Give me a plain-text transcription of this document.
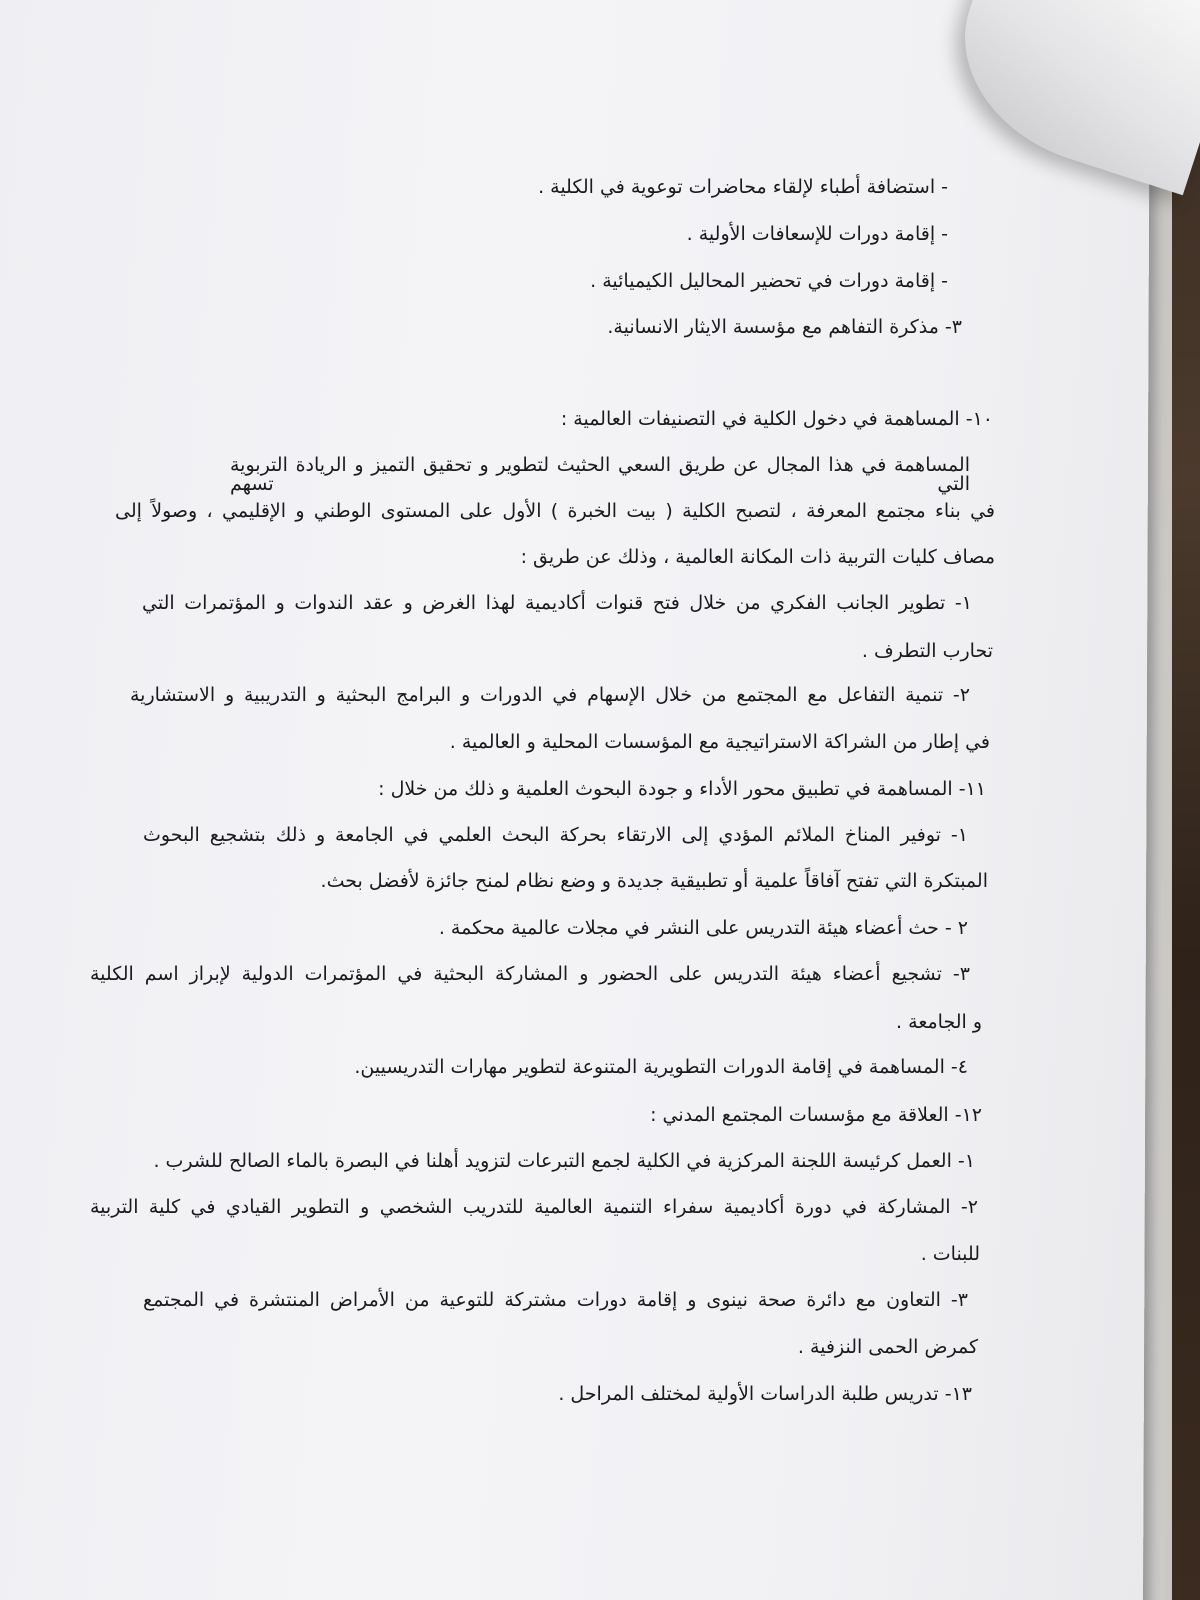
- استضافة أطباء لإلقاء محاضرات توعوية في الكلية .
- إقامة دورات للإسعافات الأولية .
- إقامة دورات في تحضير المحاليل الكيميائية .
٣- مذكرة التفاهم مع مؤسسة الايثار الانسانية.
١٠- المساهمة في دخول الكلية في التصنيفات العالمية :
المساهمة في هذا المجال عن طريق السعي الحثيث لتطوير و تحقيق التميز و الريادة التربوية التي تسهم
في بناء مجتمع المعرفة ، لتصبح الكلية ( بيت الخبرة ) الأول على المستوى الوطني و الإقليمي ، وصولاً إلى
مصاف كليات التربية ذات المكانة العالمية ، وذلك عن طريق :
١- تطوير الجانب الفكري من خلال فتح قنوات أكاديمية لهذا الغرض و عقد الندوات و المؤتمرات التي
تحارب التطرف .
٢- تنمية التفاعل مع المجتمع من خلال الإسهام في الدورات و البرامج البحثية و التدريبية و الاستشارية
في إطار من الشراكة الاستراتيجية مع المؤسسات المحلية و العالمية .
١١- المساهمة في تطبيق محور الأداء و جودة البحوث العلمية و ذلك من خلال :
١- توفير المناخ الملائم المؤدي إلى الارتقاء بحركة البحث العلمي في الجامعة و ذلك بتشجيع البحوث
المبتكرة التي تفتح آفاقاً علمية أو تطبيقية جديدة و وضع نظام لمنح جائزة لأفضل بحث.
٢ - حث أعضاء هيئة التدريس على النشر في مجلات عالمية محكمة .
٣- تشجيع أعضاء هيئة التدريس على الحضور و المشاركة البحثية في المؤتمرات الدولية لإبراز اسم الكلية
و الجامعة .
٤- المساهمة في إقامة الدورات التطويرية المتنوعة لتطوير مهارات التدريسيين.
١٢- العلاقة مع مؤسسات المجتمع المدني :
١- العمل كرئيسة اللجنة المركزية في الكلية لجمع التبرعات لتزويد أهلنا في البصرة بالماء الصالح للشرب .
٢- المشاركة في دورة أكاديمية سفراء التنمية العالمية للتدريب الشخصي و التطوير القيادي في كلية التربية
للبنات .
٣- التعاون مع دائرة صحة نينوى و إقامة دورات مشتركة للتوعية من الأمراض المنتشرة في المجتمع
كمرض الحمى النزفية .
١٣- تدريس طلبة الدراسات الأولية لمختلف المراحل .
